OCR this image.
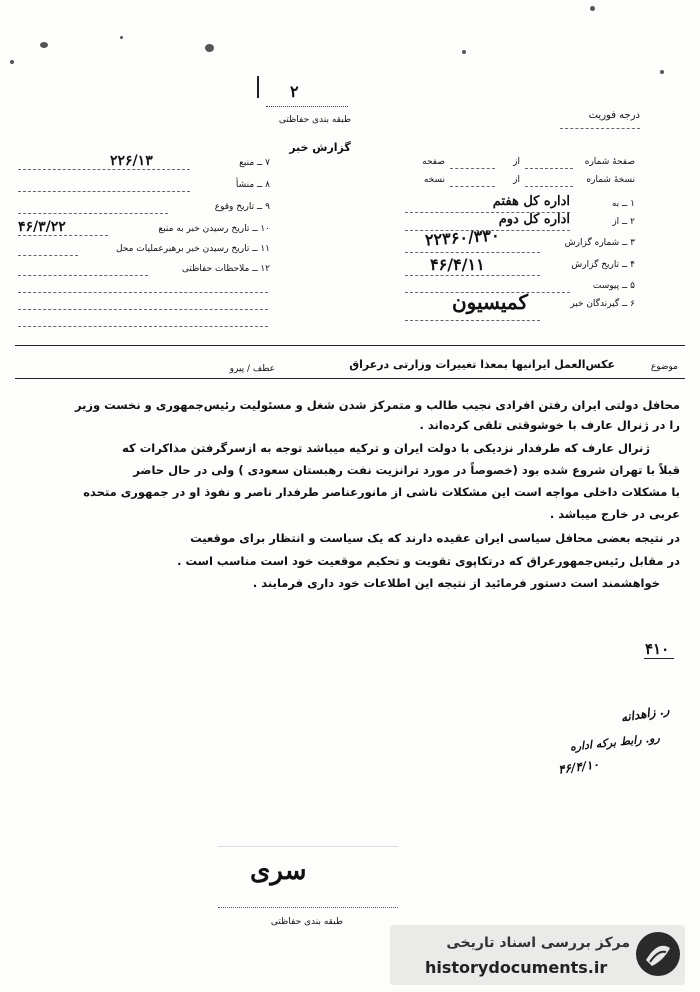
۲
طبقه بندی حفاظتی	درجه فوریت
گزارش خبر
صفحهٔ شماره
از
صفحه
نسخهٔ شماره
از
نسخه
۱ ــ به
اداره کل هفتم
۲ ــ از
اداره کل دوم
۳ ــ شماره گزارش
۲۲۳۶۰/۳۳۰
۴ ــ تاریخ گزارش
۴۶/۴/۱۱
۵ ــ پیوست
۶ ــ گیرندگان خبر
کمیسیون
۷ ــ منبع
۲۲۶/۱۳
۸ ــ منشأ
۹ ــ تاریخ وقوع
۱۰ ــ تاریخ رسیدن خبر به منبع
۴۶/۳/۲۲
۱۱ ــ تاریخ رسیدن خبر برهبرعملیات محل
۱۲ ــ ملاحظات حفاظتی
موضوع
عکس‌العمل ایرانیها بمعذا تغییرات وزارتی درعراق
عطف / پیرو
محافل دولتی ایران رفتن افرادی نجیب طالب و متمرکز شدن شغل و مسئولیت رئیس‌جمهوری و نخست وزیر
را در ژنرال عارف با خوشوقتی تلقی کرده‌اند .
ژنرال عارف که طرفدار نزدیکی با دولت ایران و ترکیه میباشد توجه به ازسرگرفتن مذاکرات که
قبلاً با تهران شروع شده بود (خصوصاً در مورد ترانزیت نفت رهبستان سعودی ) ولی در حال حاضر
با مشکلات داخلی مواجه است این مشکلات ناشی از مانورعناصر طرفدار ناصر و نفوذ او در جمهوری متحده
عربی در خارج میباشد .
در نتیجه بعضی محافل سیاسی ایران عقیده دارند که یک سیاست و انتظار برای موقعیت
در مقابل رئیس‌جمهورعراق که درتکاپوی تقویت و تحکیم موقعیت خود است مناسب است .
خواهشمند است دستور فرمائید از نتیجه این اطلاعات خود داری فرمایند .
۴۱۰
ر. زاهدانه
رو. رابط برکه اداره
۴۶/۴/۱۰
سری
طبقه بندی حفاظتی
مرکز بررسی اسناد تاریخی
historydocuments.ir
